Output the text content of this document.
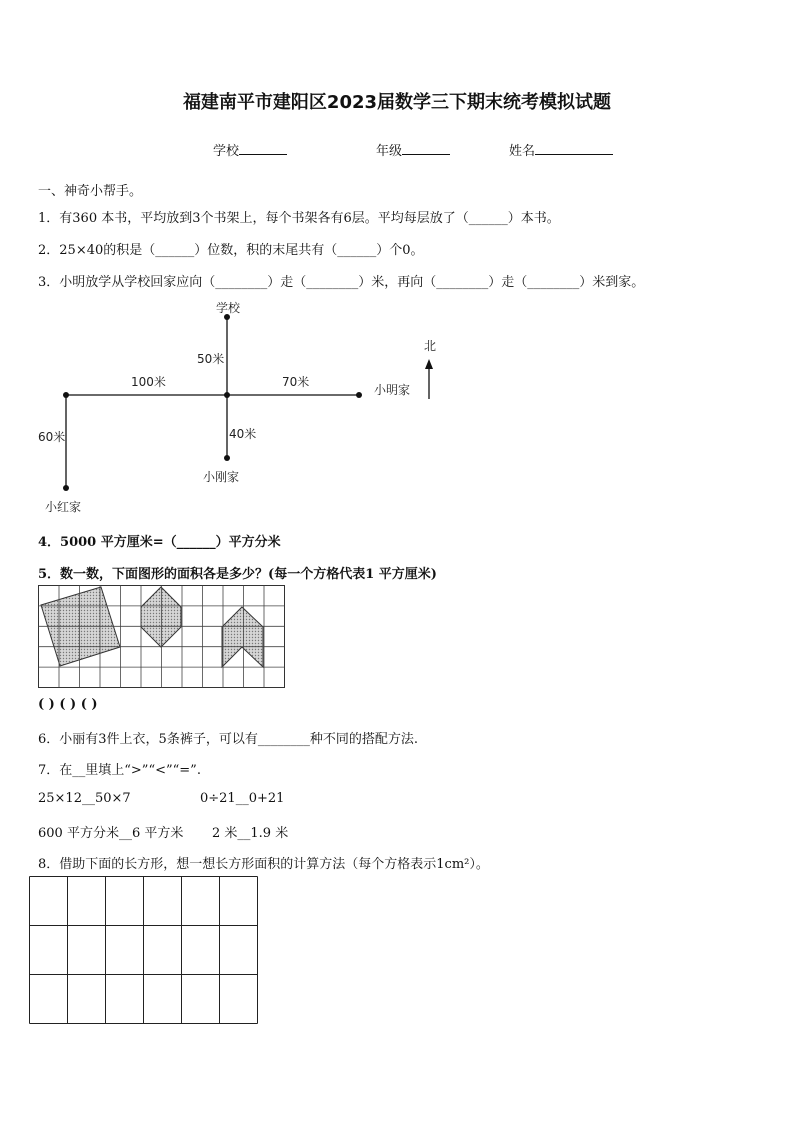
福建南平市建阳区2023届数学三下期末统考模拟试题
学校	年级	姓名
一、神奇小帮手。
1．有360 本书，平均放到3个书架上，每个书架各有6层。平均每层放了（______）本书。
2．25×40的积是（______）位数，积的末尾共有（______）个0。
3．小明放学从学校回家应向（________）走（________）米，再向（________）走（________）米到家。
学校
50米
100米	70米
40米
60米
小明家
小刚家
小红家
北
4．5000 平方厘米=（______）平方分米
5．数一数，下面图形的面积各是多少？(每一个方格代表1 平方厘米)
( ) ( ) ( )
6．小丽有3件上衣，5条裤子，可以有________种不同的搭配方法.
7．在__里填上“>”“<”“=”.
25×12__50×7	0÷21__0+21
600 平方分米__6 平方米 2 米__1.9 米
8．借助下面的长方形，想一想长方形面积的计算方法（每个方格表示1cm²）。
